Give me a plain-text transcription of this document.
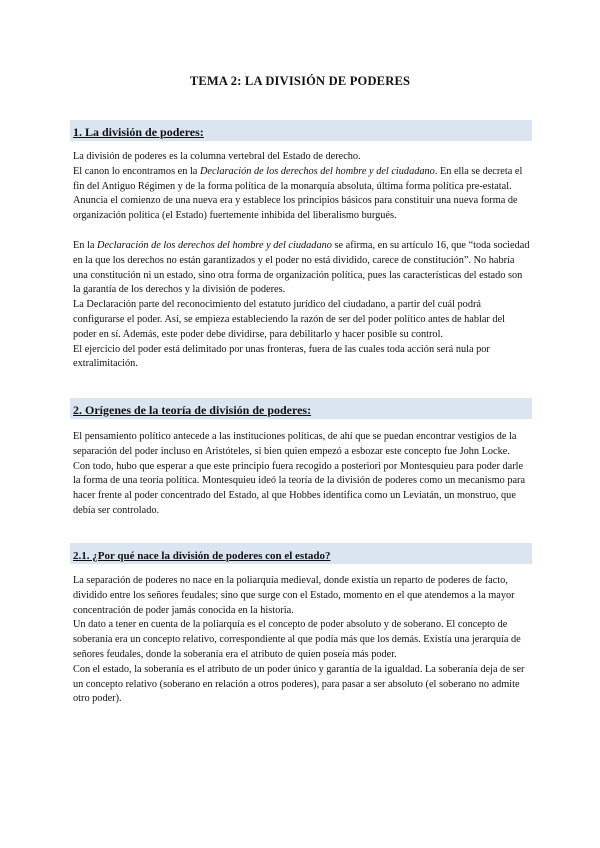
TEMA 2: LA DIVISIÓN DE PODERES
1. La división de poderes:

La división de poderes es la columna vertebral del Estado de derecho.

El canon lo encontramos en la Declaración de los derechos del hombre y del ciudadano. En ella se decreta el fin del Antiguo Régimen y de la forma política de la monarquía absoluta, última forma política pre-estatal. Anuncia el comienzo de una nueva era y establece los principios básicos para constituir una nueva forma de organización política (el Estado) fuertemente inhibida del liberalismo burgués.

En la Declaración de los derechos del hombre y del ciudadano se afirma, en su artículo 16, que “toda sociedad en la que los derechos no están garantizados y el poder no está dividido, carece de constitución”. No habría una constitución ni un estado, sino otra forma de organización política, pues las características del estado son la garantía de los derechos y la división de poderes.

La Declaración parte del reconocimiento del estatuto jurídico del ciudadano, a partir del cuál podrá configurarse el poder. Así, se empieza estableciendo la razón de ser del poder político antes de hablar del poder en sí. Además, este poder debe dividirse, para debilitarlo y hacer posible su control.

El ejercicio del poder está delimitado por unas fronteras, fuera de las cuales toda acción será nula por extralimitación.

2. Orígenes de la teoría de división de poderes:

El pensamiento político antecede a las instituciones políticas, de ahí que se puedan encontrar vestigios de la separación del poder incluso en Aristóteles, si bien quien empezó a esbozar este concepto fue John Locke.

Con todo, hubo que esperar a que este principio fuera recogido a posteriori por Montesquieu para poder darle la forma de una teoría política. Montesquieu ideó la teoría de la división de poderes como un mecanismo para hacer frente al poder concentrado del Estado, al que Hobbes identifica como un Leviatán, un monstruo, que debía ser controlado.

2.1. ¿Por qué nace la división de poderes con el estado?

La separación de poderes no nace en la poliarquía medieval, donde existía un reparto de poderes de facto, dividido entre los señores feudales; sino que surge con el Estado, momento en el que atendemos a la mayor concentración de poder jamás conocida en la historia.

Un dato a tener en cuenta de la poliarquía es el concepto de poder absoluto y de soberano. El concepto de soberanía era un concepto relativo, correspondiente al que podía más que los demás. Existía una jerarquía de señores feudales, donde la soberanía era el atributo de quien poseía más poder.

Con el estado, la soberanía es el atributo de un poder único y garantía de la igualdad. La soberanía deja de ser un concepto relativo (soberano en relación a otros poderes), para pasar a ser absoluto (el soberano no admite otro poder).
